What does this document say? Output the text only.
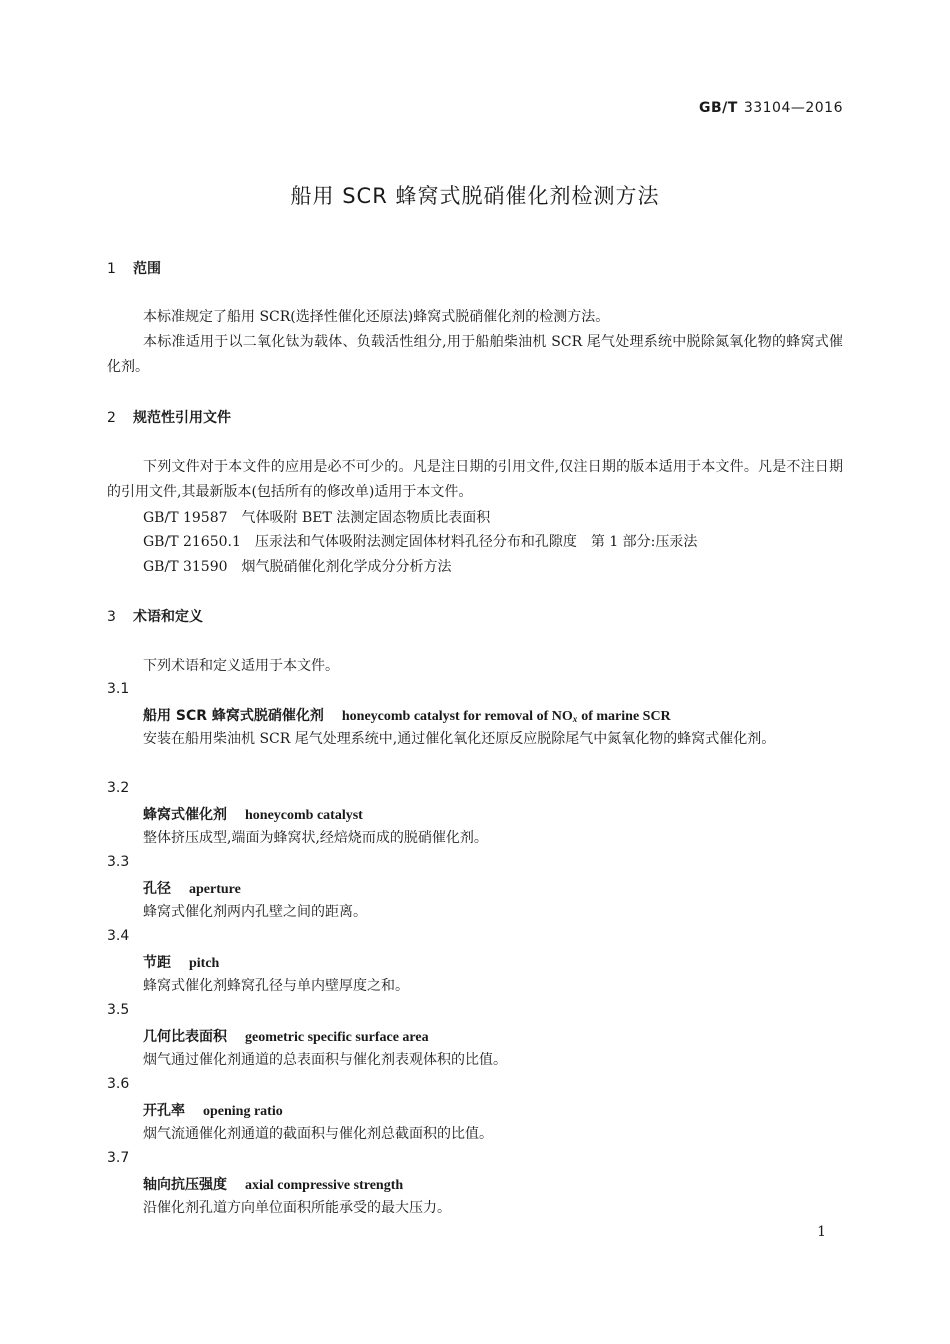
GB/T 33104—2016
船用 SCR 蜂窝式脱硝催化剂检测方法
1 范围
本标准规定了船用 SCR(选择性催化还原法)蜂窝式脱硝催化剂的检测方法。
本标准适用于以二氧化钛为载体、负载活性组分,用于船舶柴油机 SCR 尾气处理系统中脱除氮氧化物的蜂窝式催化剂。
2 规范性引用文件
下列文件对于本文件的应用是必不可少的。凡是注日期的引用文件,仅注日期的版本适用于本文件。凡是不注日期的引用文件,其最新版本(包括所有的修改单)适用于本文件。
GB/T 19587 气体吸附 BET 法测定固态物质比表面积
GB/T 21650.1 压汞法和气体吸附法测定固体材料孔径分布和孔隙度　第 1 部分:压汞法
GB/T 31590 烟气脱硝催化剂化学成分分析方法
3 术语和定义
下列术语和定义适用于本文件。
3.1
船用 SCR 蜂窝式脱硝催化剂 honeycomb catalyst for removal of $NO_x$ of marine SCR
安装在船用柴油机 SCR 尾气处理系统中,通过催化氧化还原反应脱除尾气中氮氧化物的蜂窝式催化剂。
3.2
蜂窝式催化剂 honeycomb catalyst
整体挤压成型,端面为蜂窝状,经焙烧而成的脱硝催化剂。
3.3
孔径 aperture
蜂窝式催化剂两内孔壁之间的距离。
3.4
节距 pitch
蜂窝式催化剂蜂窝孔径与单内壁厚度之和。
3.5
几何比表面积 geometric specific surface area
烟气通过催化剂通道的总表面积与催化剂表观体积的比值。
3.6
开孔率 opening ratio
烟气流通催化剂通道的截面积与催化剂总截面积的比值。
3.7
轴向抗压强度 axial compressive strength
沿催化剂孔道方向单位面积所能承受的最大压力。
1
